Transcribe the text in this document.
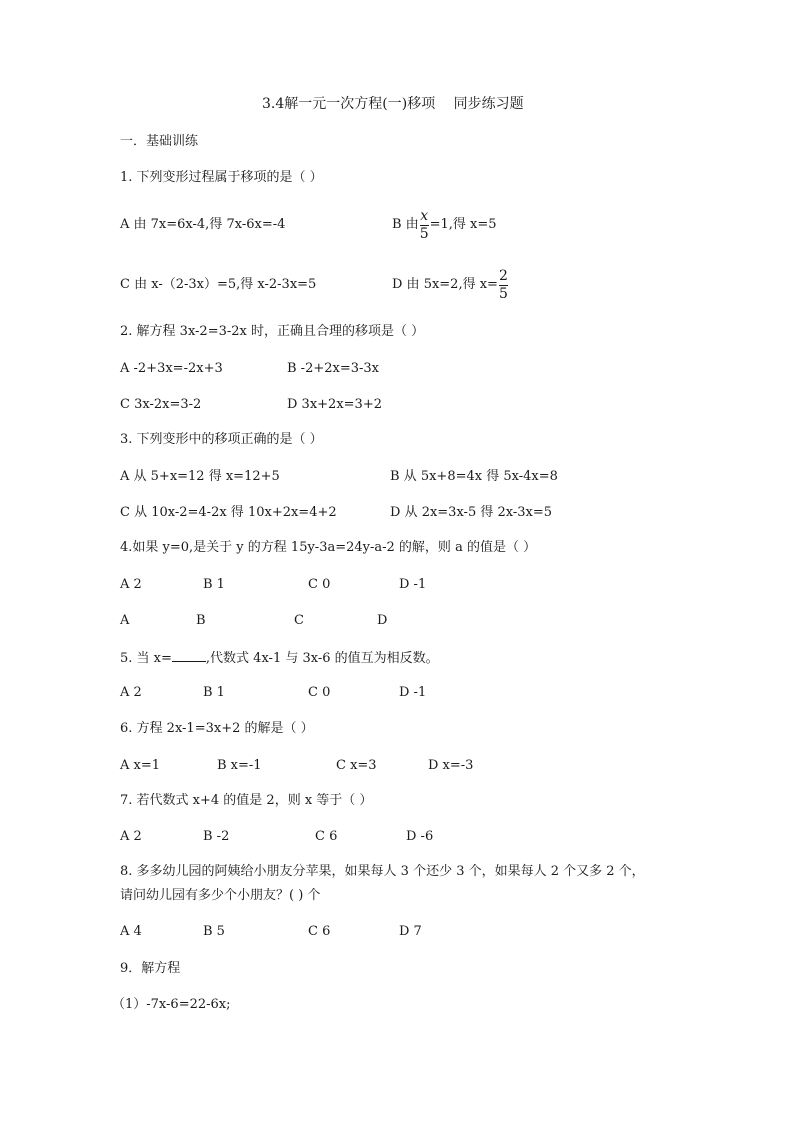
3.4解一元一次方程(一)移项　 同步练习题
一．基础训练
1. 下列变形过程属于移项的是（ ）
A 由 7x=6x-4,得 7x-6x=-4	B 由 $\frac{x}{5} =1$,得 x=5
C 由 x-（2-3x）=5,得 x-2-3x=5	D 由 5x=2,得 $x= \frac{2}{5}$
2. 解方程 3x-2=3-2x 时，正确且合理的移项是（ ）
A -2+3x=-2x+3	B -2+2x=3-3x
C 3x-2x=3-2	D 3x+2x=3+2
3. 下列变形中的移项正确的是（ ）
A 从 5+x=12 得 x=12+5	B 从 5x+8=4x 得 5x-4x=8
C 从 10x-2=4-2x 得 10x+2x=4+2	D 从 2x=3x-5 得 2x-3x=5
4.如果 y=0,是关于 y 的方程 15y-3a=24y-a-2 的解，则 a 的值是（ ）
A 2	B 1	C 0	D -1
A	B	C	D
5. 当 x=	,代数式 4x-1 与 3x-6 的值互为相反数。
A 2	B 1	C 0	D -1
6. 方程 2x-1=3x+2 的解是（ ）
A x=1	B x=-1	C x=3	D x=-3
7. 若代数式 x+4 的值是 2，则 x 等于（ ）
A 2	B -2	C 6	D -6
8. 多多幼儿园的阿姨给小朋友分苹果，如果每人 3 个还少 3 个，如果每人 2 个又多 2 个，
请问幼儿园有多少个小朋友？( ) 个
A 4	B 5	C 6	D 7
9．解方程
（1）-7x-6=22-6x;
